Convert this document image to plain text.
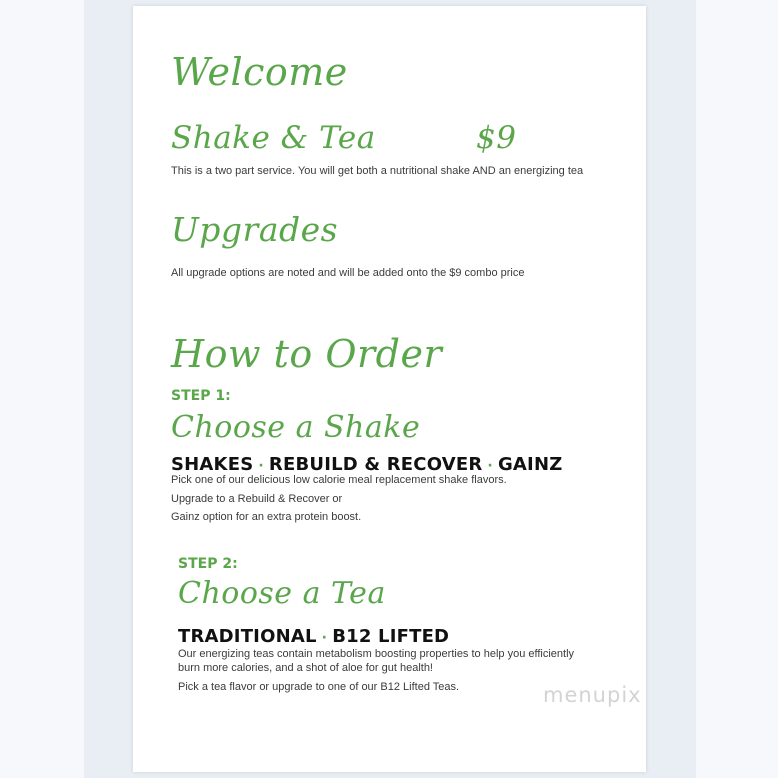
Welcome
Shake & Tea	$9
This is a two part service. You will get both a nutritional shake AND an energizing tea
Upgrades
All upgrade options are noted and will be added onto the $9 combo price
How to Order
STEP 1:
Choose a Shake
SHAKES · REBUILD & RECOVER · GAINZ
Pick one of our delicious low calorie meal replacement shake flavors.
Upgrade to a Rebuild & Recover or
Gainz option for an extra protein boost.
STEP 2:
Choose a Tea
TRADITIONAL · B12 LIFTED
Our energizing teas contain metabolism boosting properties to help you efficiently
burn more calories, and a shot of aloe for gut health!
Pick a tea flavor or upgrade to one of our B12 Lifted Teas.	menupix
